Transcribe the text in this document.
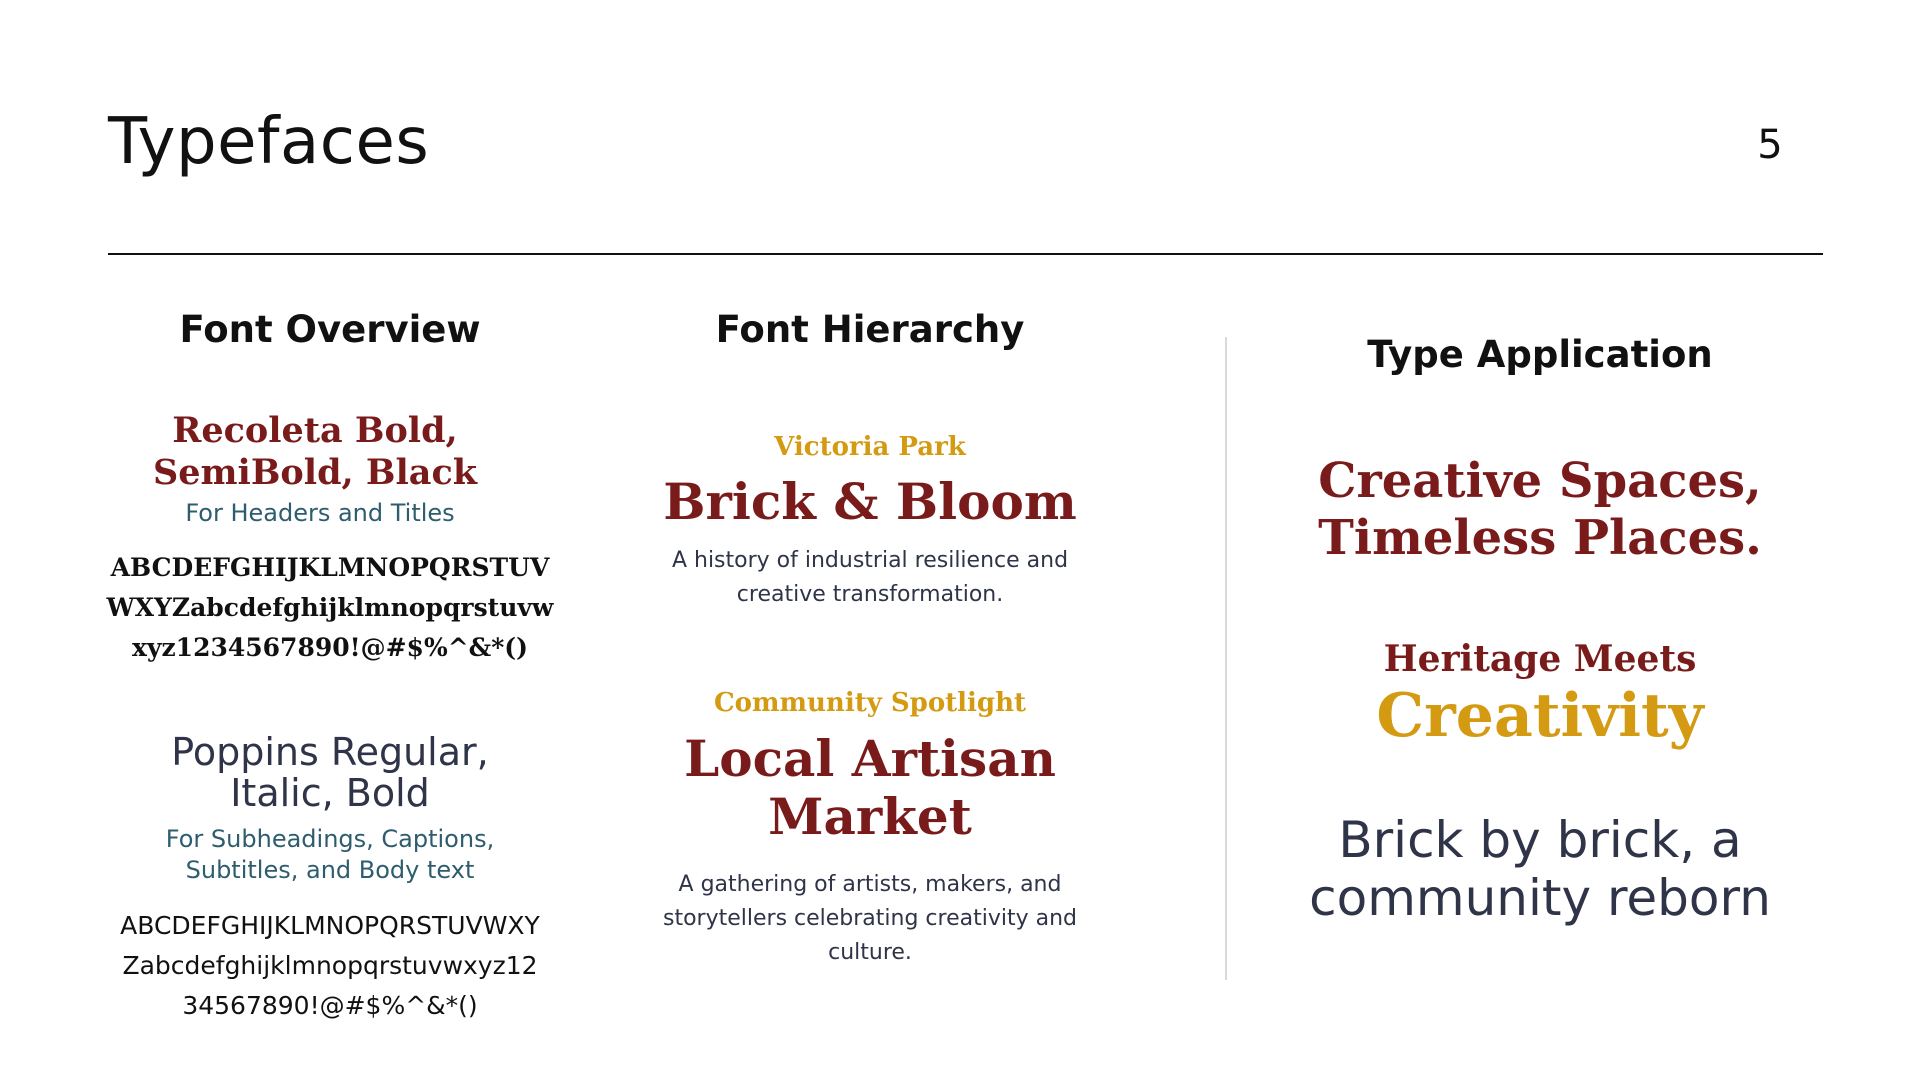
Typefaces	5
Font Overview
Recoleta Bold,
SemiBold, Black
For Headers and Titles
ABCDEFGHIJKLMNOPQRSTUV
WXYZabcdefghijklmnopqrstuvw
xyz1234567890!@#$%^&*()
Poppins Regular,
Italic, Bold
For Subheadings, Captions,
Subtitles, and Body text
ABCDEFGHIJKLMNOPQRSTUVWXY
Zabcdefghijklmnopqrstuvwxyz12
34567890!@#$%^&*()
Font Hierarchy
Victoria Park
Brick & Bloom
A history of industrial resilience and
creative transformation.
Community Spotlight
Local Artisan
Market
A gathering of artists, makers, and
storytellers celebrating creativity and
culture.
Type Application
Creative Spaces,
Timeless Places.
Heritage Meets
Creativity
Brick by brick, a
community reborn
